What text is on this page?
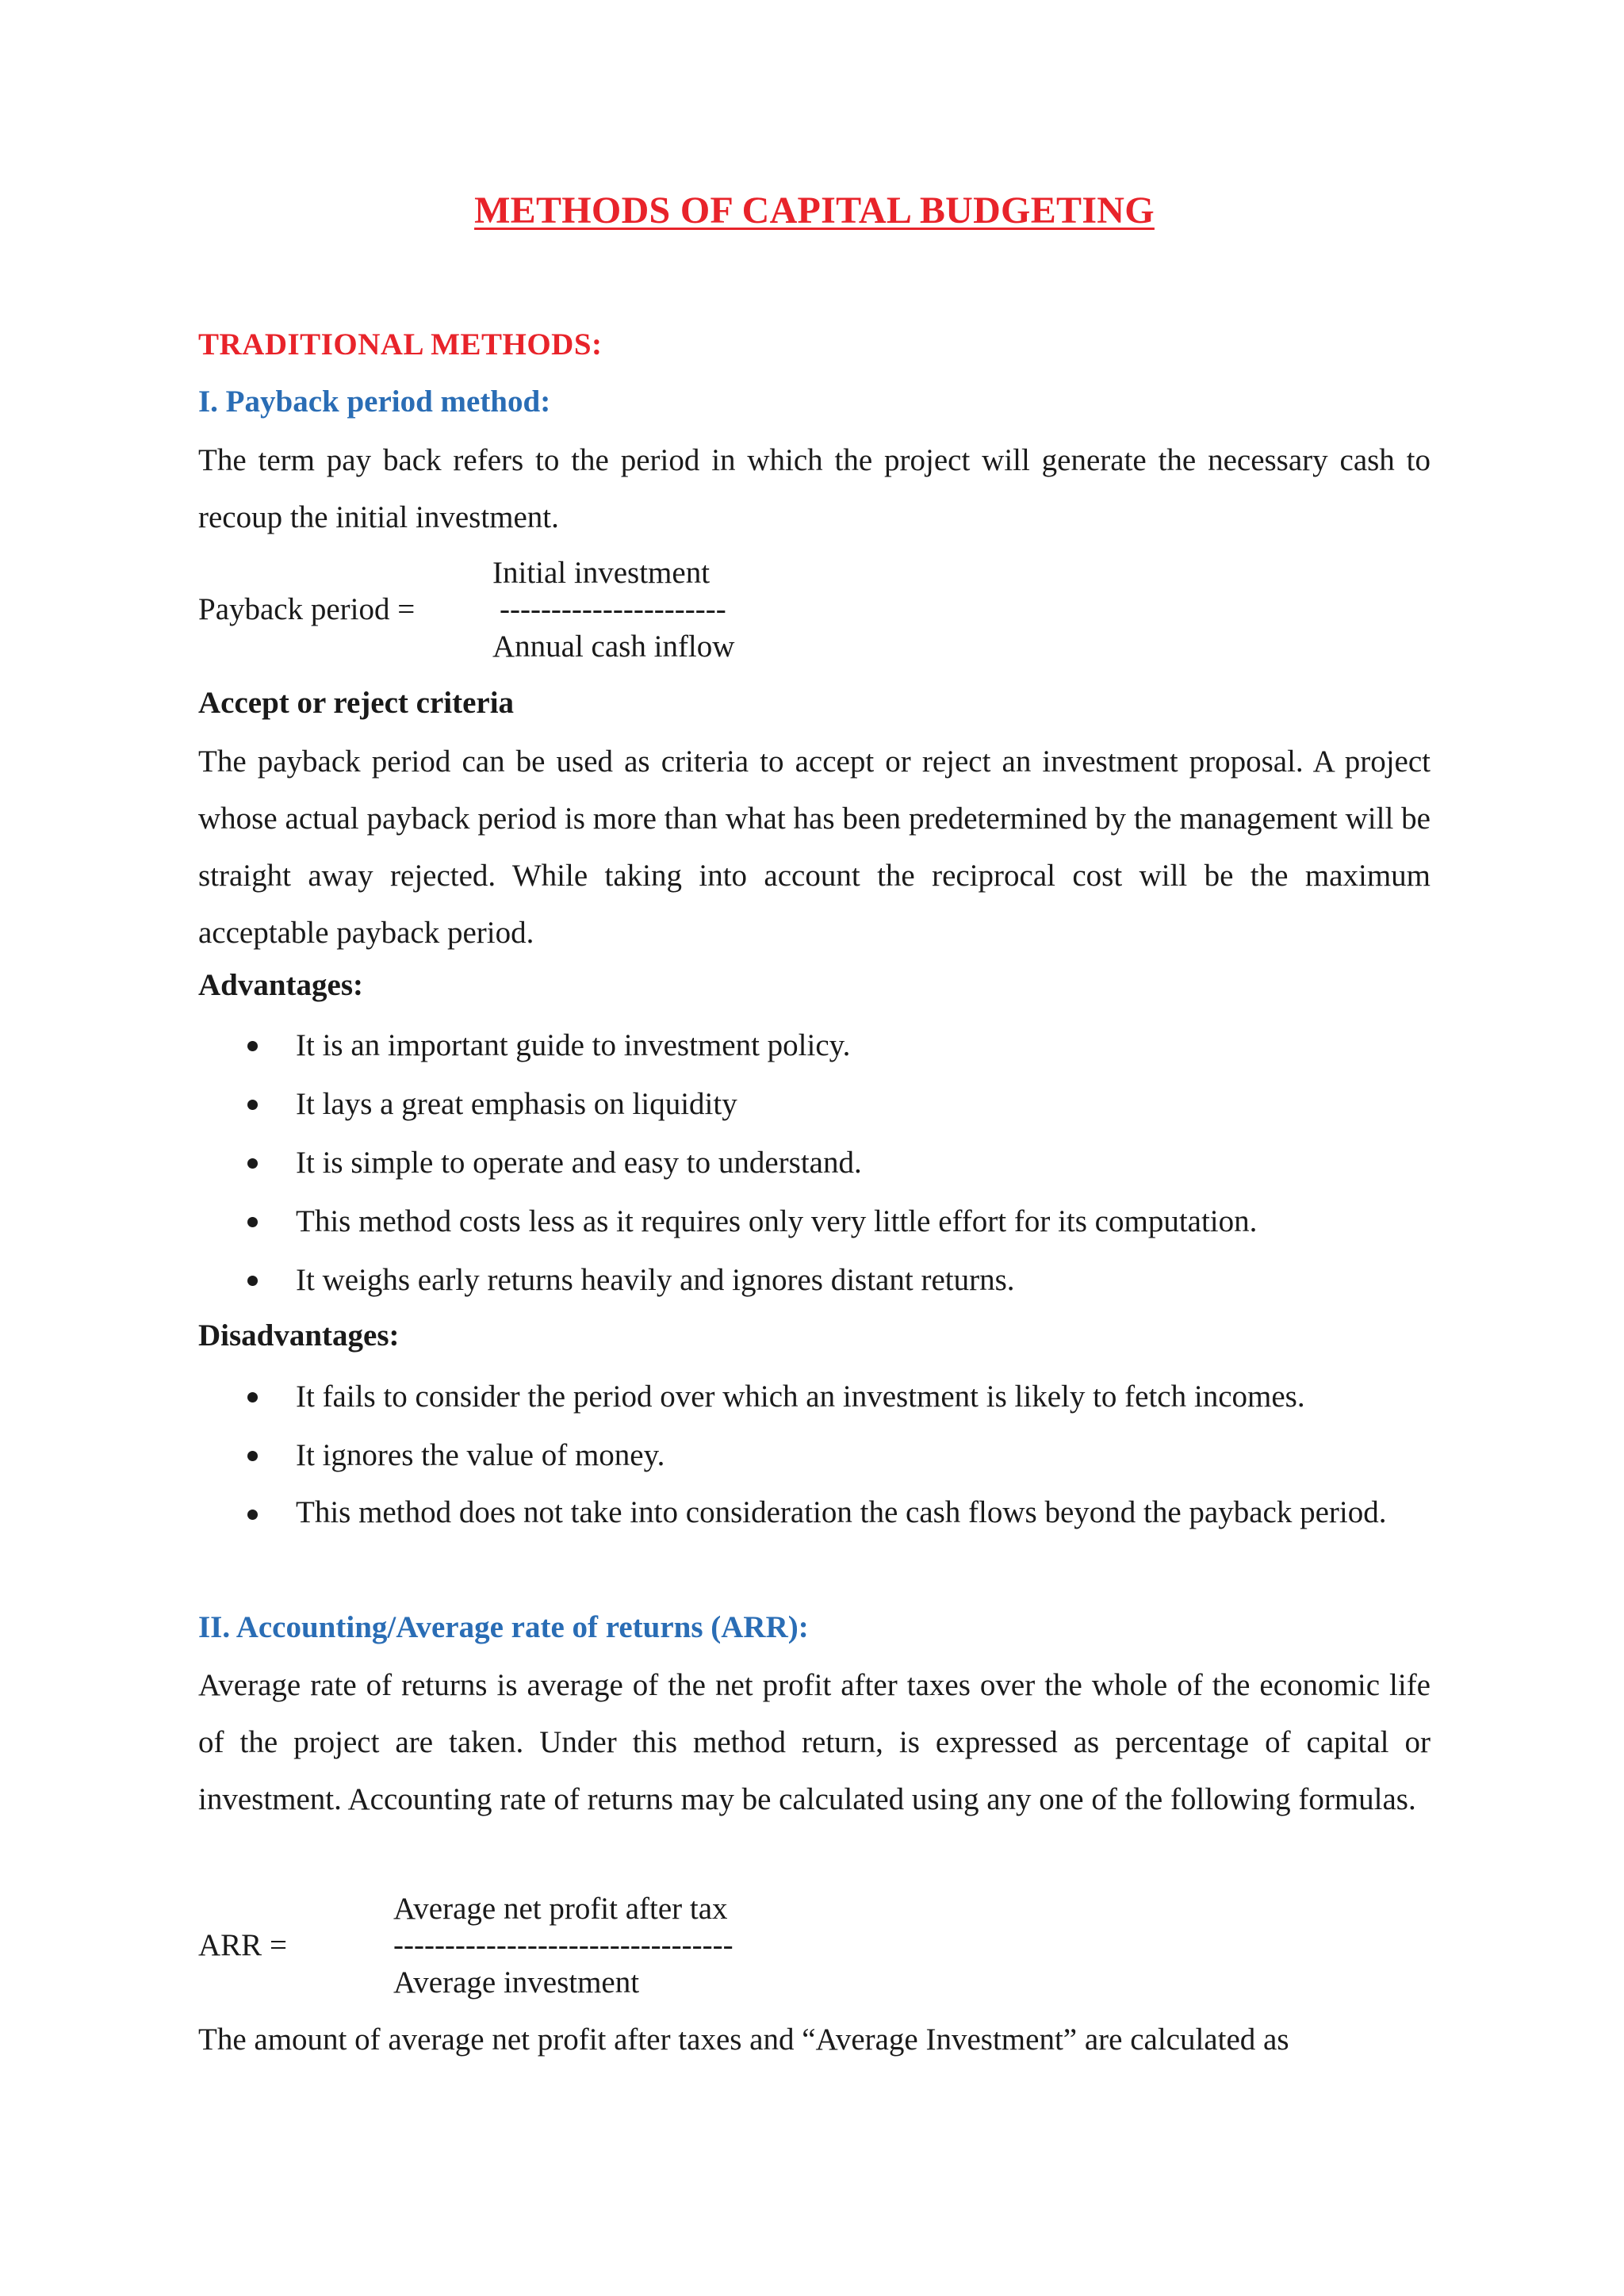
METHODS OF CAPITAL BUDGETING
TRADITIONAL METHODS:
I. Payback period method:

The term pay back refers to the period in which the project will generate the necessary cash to recoup the initial investment.

Initial investment
Payback period =	----------------------
Annual cash inflow
Accept or reject criteria

The payback period can be used as criteria to accept or reject an investment proposal. A project whose actual payback period is more than what has been predetermined by the management will be straight away rejected. While taking into account the reciprocal cost will be the maximum acceptable payback period.

Advantages:
It is an important guide to investment policy.
It lays a great emphasis on liquidity
It is simple to operate and easy to understand.
This method costs less as it requires only very little effort for its computation.
It weighs early returns heavily and ignores distant returns.
Disadvantages:
It fails to consider the period over which an investment is likely to fetch incomes.
It ignores the value of money.
This method does not take into consideration the cash flows beyond the payback period.
II. Accounting/Average rate of returns (ARR):

Average rate of returns is average of the net profit after taxes over the whole of the economic life of the project are taken. Under this method return, is expressed as percentage of capital or investment. Accounting rate of returns may be calculated using any one of the following formulas.

Average net profit after tax
ARR =	---------------------------------
Average investment
The amount of average net profit after taxes and “Average Investment” are calculated as
